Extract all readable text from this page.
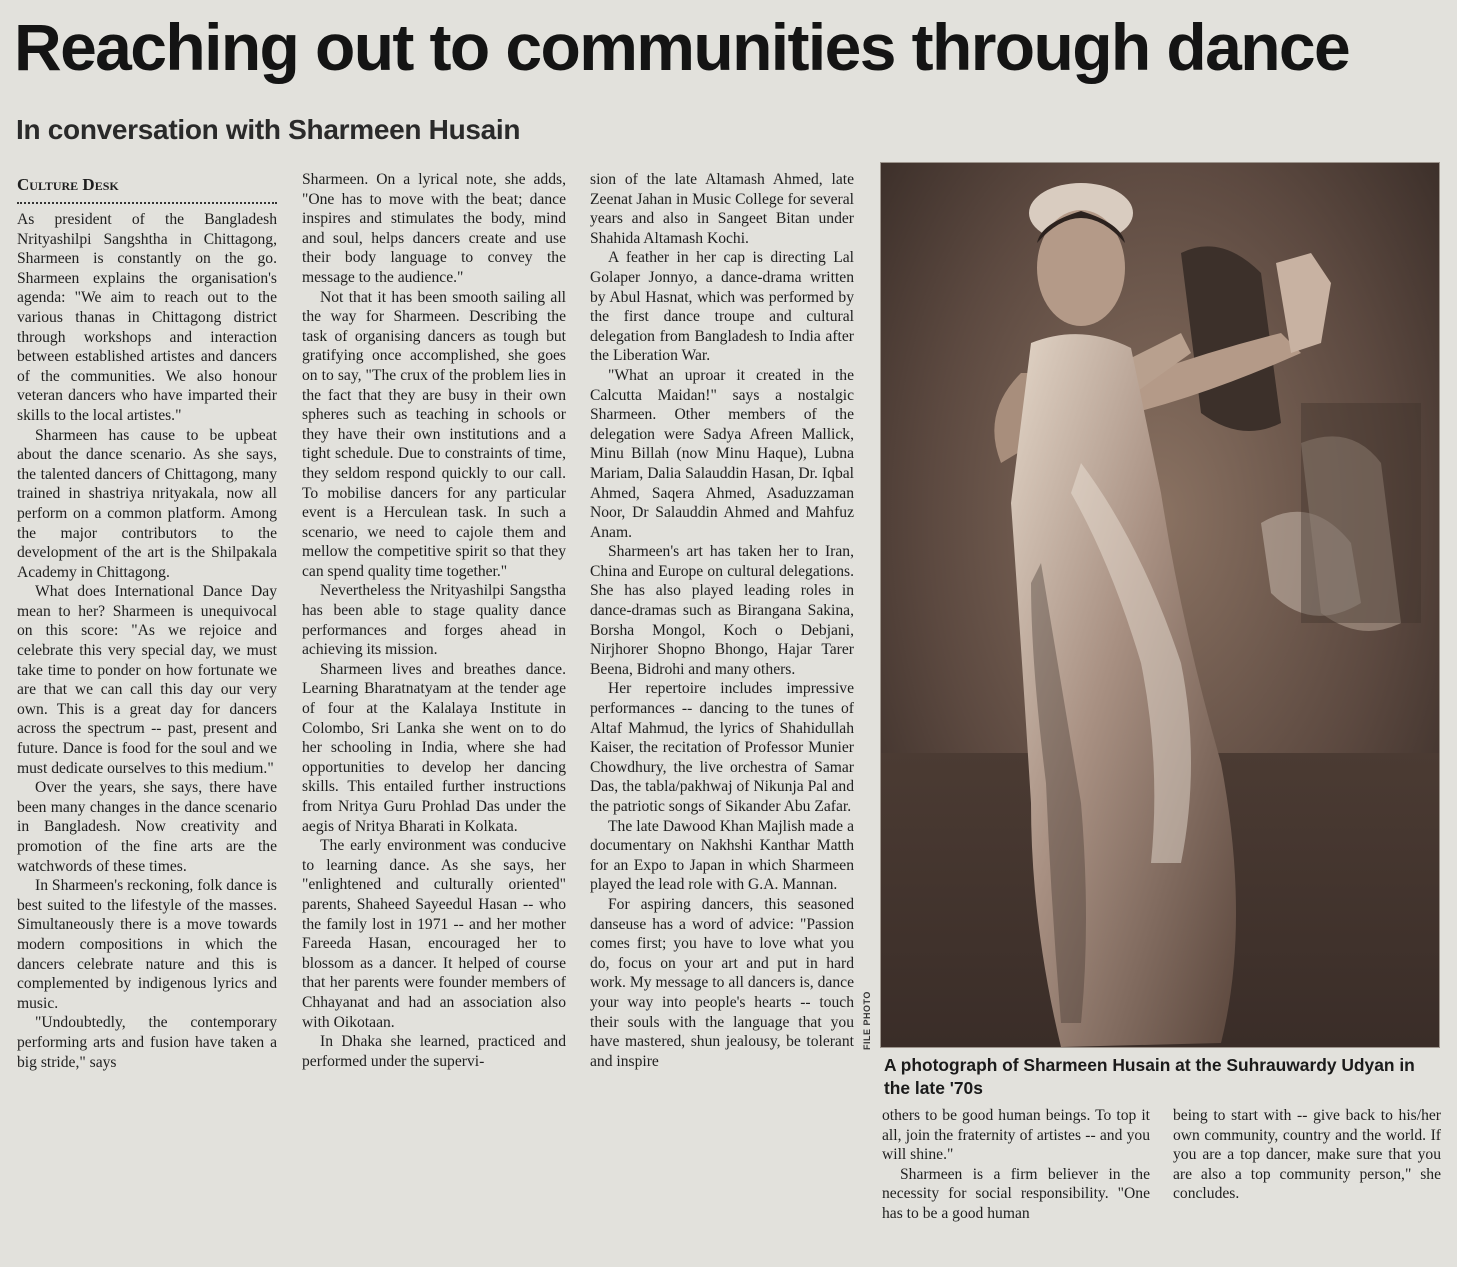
Reaching out to communities through dance
In conversation with Sharmeen Husain
Culture Desk

As president of the Bangladesh Nrityashilpi Sangshtha in Chittagong, Sharmeen is constantly on the go. Sharmeen explains the organisation's agenda: "We aim to reach out to the various thanas in Chittagong district through workshops and interaction between established artistes and dancers of the communities. We also honour veteran dancers who have imparted their skills to the local artistes."

Sharmeen has cause to be upbeat about the dance scenario. As she says, the talented dancers of Chittagong, many trained in shastriya nrityakala, now all perform on a common platform. Among the major contributors to the development of the art is the Shilpakala Academy in Chittagong.

What does International Dance Day mean to her? Sharmeen is unequivocal on this score: "As we rejoice and celebrate this very special day, we must take time to ponder on how fortunate we are that we can call this day our very own. This is a great day for dancers across the spectrum -- past, present and future. Dance is food for the soul and we must dedicate ourselves to this medium."

Over the years, she says, there have been many changes in the dance scenario in Bangladesh. Now creativity and promotion of the fine arts are the watchwords of these times.

In Sharmeen's reckoning, folk dance is best suited to the lifestyle of the masses. Simultaneously there is a move towards modern compositions in which the dancers celebrate nature and this is complemented by indigenous lyrics and music.

"Undoubtedly, the contemporary performing arts and fusion have taken a big stride," says

Sharmeen. On a lyrical note, she adds, "One has to move with the beat; dance inspires and stimulates the body, mind and soul, helps dancers create and use their body language to convey the message to the audience."

Not that it has been smooth sailing all the way for Sharmeen. Describing the task of organising dancers as tough but gratifying once accomplished, she goes on to say, "The crux of the problem lies in the fact that they are busy in their own spheres such as teaching in schools or they have their own institutions and a tight schedule. Due to constraints of time, they seldom respond quickly to our call. To mobilise dancers for any particular event is a Herculean task. In such a scenario, we need to cajole them and mellow the competitive spirit so that they can spend quality time together."

Nevertheless the Nrityashilpi Sangstha has been able to stage quality dance performances and forges ahead in achieving its mission.

Sharmeen lives and breathes dance. Learning Bharatnatyam at the tender age of four at the Kalalaya Institute in Colombo, Sri Lanka she went on to do her schooling in India, where she had opportunities to develop her dancing skills. This entailed further instructions from Nritya Guru Prohlad Das under the aegis of Nritya Bharati in Kolkata.

The early environment was conducive to learning dance. As she says, her "enlightened and culturally oriented" parents, Shaheed Sayeedul Hasan -- who the family lost in 1971 -- and her mother Fareeda Hasan, encouraged her to blossom as a dancer. It helped of course that her parents were founder members of Chhayanat and had an association also with Oikotaan.

In Dhaka she learned, practiced and performed under the supervi-

sion of the late Altamash Ahmed, late Zeenat Jahan in Music College for several years and also in Sangeet Bitan under Shahida Altamash Kochi.

A feather in her cap is directing Lal Golaper Jonnyo, a dance-drama written by Abul Hasnat, which was performed by the first dance troupe and cultural delegation from Bangladesh to India after the Liberation War.

"What an uproar it created in the Calcutta Maidan!" says a nostalgic Sharmeen. Other members of the delegation were Sadya Afreen Mallick, Minu Billah (now Minu Haque), Lubna Mariam, Dalia Salauddin Hasan, Dr. Iqbal Ahmed, Saqera Ahmed, Asaduzzaman Noor, Dr Salauddin Ahmed and Mahfuz Anam.

Sharmeen's art has taken her to Iran, China and Europe on cultural delegations. She has also played leading roles in dance-dramas such as Birangana Sakina, Borsha Mongol, Koch o Debjani, Nirjhorer Shopno Bhongo, Hajar Tarer Beena, Bidrohi and many others.

Her repertoire includes impressive performances -- dancing to the tunes of Altaf Mahmud, the lyrics of Shahidullah Kaiser, the recitation of Professor Munier Chowdhury, the live orchestra of Samar Das, the tabla/pakhwaj of Nikunja Pal and the patriotic songs of Sikander Abu Zafar.

The late Dawood Khan Majlish made a documentary on Nakhshi Kanthar Matth for an Expo to Japan in which Sharmeen played the lead role with G.A. Mannan.

For aspiring dancers, this seasoned danseuse has a word of advice: "Passion comes first; you have to love what you do, focus on your art and put in hard work. My message to all dancers is, dance your way into people's hearts -- touch their souls with the language that you have mastered, shun jealousy, be tolerant and inspire

FILE PHOTO

A photograph of Sharmeen Husain at the Suhrauwardy Udyan in the late '70s

others to be good human beings. To top it all, join the fraternity of artistes -- and you will shine."

Sharmeen is a firm believer in the necessity for social responsibility. "One has to be a good human

being to start with -- give back to his/her own community, country and the world. If you are a top dancer, make sure that you are also a top community person," she concludes.
